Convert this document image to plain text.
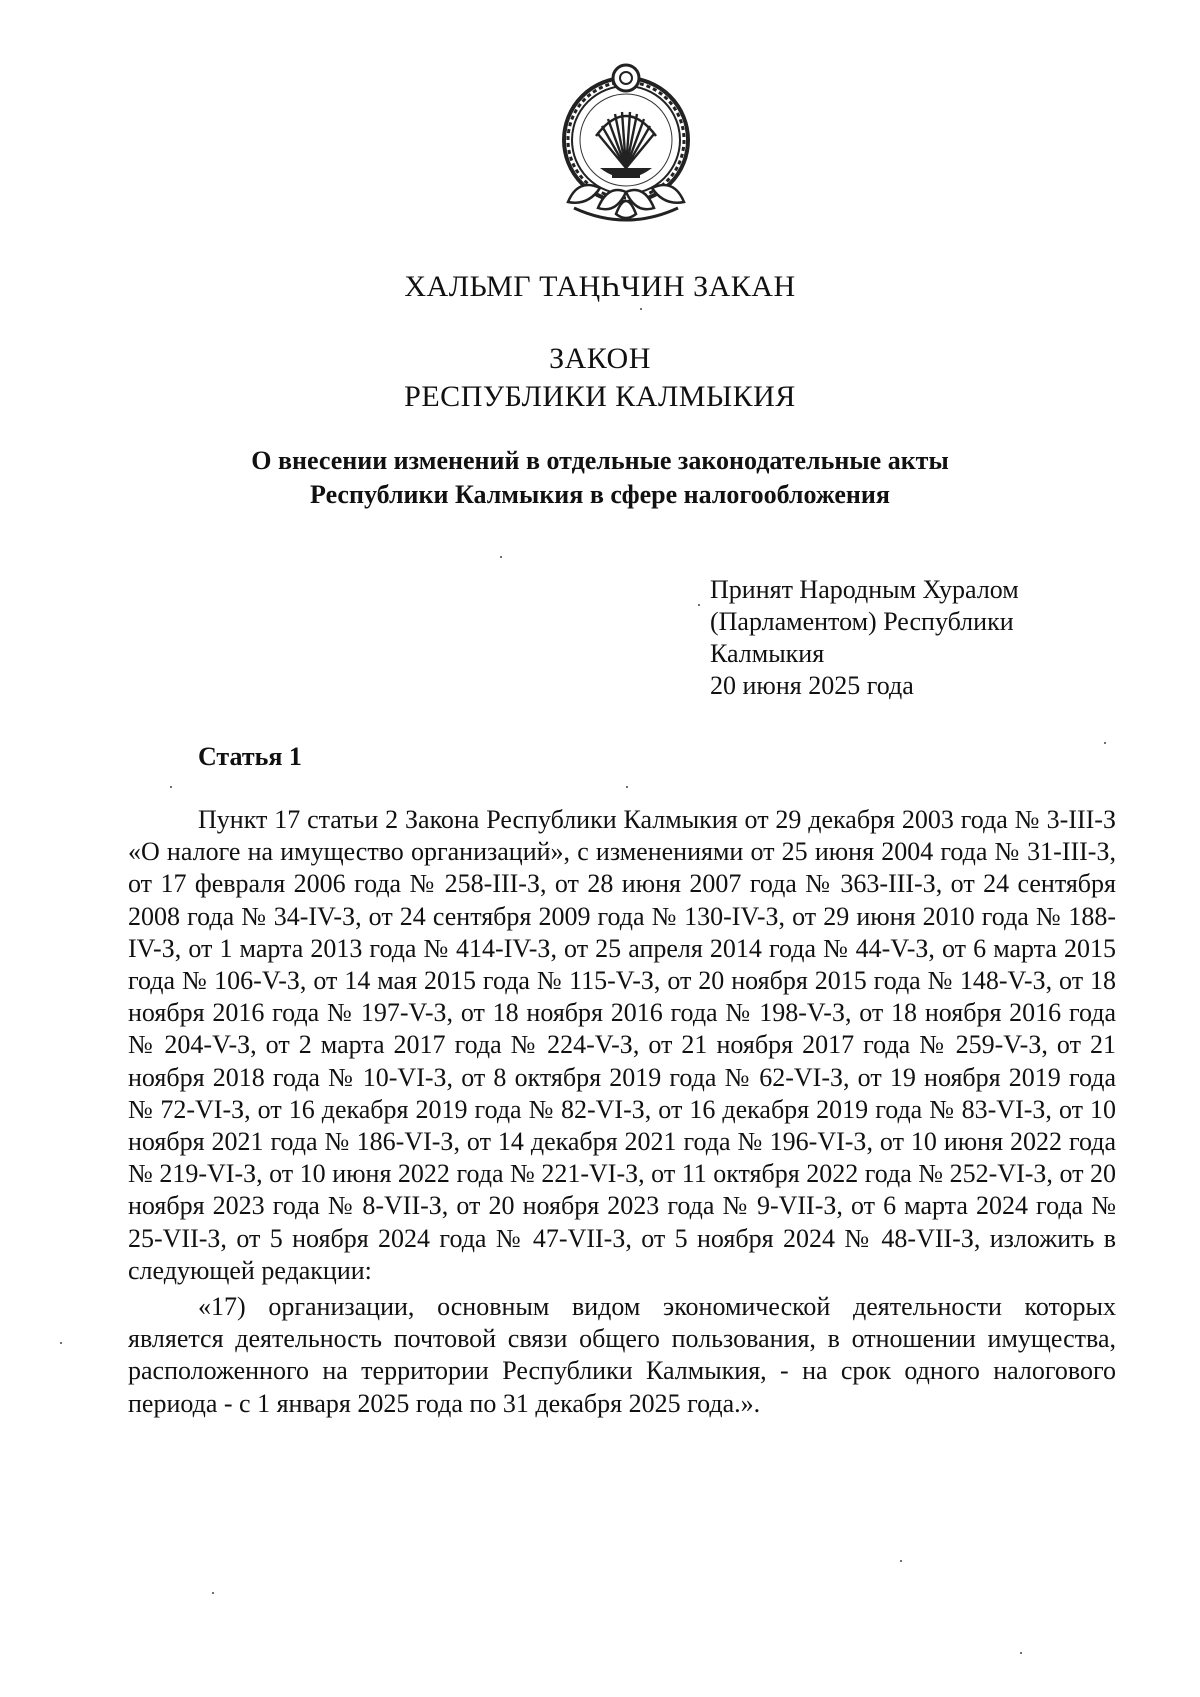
ХАЛЬМГ ТАҢҺЧИН ЗАКАН
ЗАКОН
РЕСПУБЛИКИ КАЛМЫКИЯ
О внесении изменений в отдельные законодательные акты
Республики Калмыкия в сфере налогообложения
Принят Народным Хуралом
(Парламентом) Республики
Калмыкия
20 июня 2025 года
Статья 1

Пункт 17 статьи 2 Закона Республики Калмыкия от 29 декабря 2003 года № 3-III-З «О налоге на имущество организаций», с изменениями от 25 июня 2004 года № 31-III-З, от 17 февраля 2006 года № 258-III-З, от 28 июня 2007 года № 363-III-З, от 24 сентября 2008 года № 34-IV-З, от 24 сентября 2009 года № 130-IV-З, от 29 июня 2010 года № 188-IV-З, от 1 марта 2013 года № 414-IV-З, от 25 апреля 2014 года № 44-V-З, от 6 марта 2015 года № 106-V-З, от 14 мая 2015 года № 115-V-З, от 20 ноября 2015 года № 148-V-З, от 18 ноября 2016 года № 197-V-З, от 18 ноября 2016 года № 198-V-З, от 18 ноября 2016 года № 204-V-З, от 2 марта 2017 года № 224-V-З, от 21 ноября 2017 года № 259-V-З, от 21 ноября 2018 года № 10-VI-З, от 8 октября 2019 года № 62-VI-З, от 19 ноября 2019 года № 72-VI-З, от 16 декабря 2019 года № 82-VI-З, от 16 декабря 2019 года № 83-VI-З, от 10 ноября 2021 года № 186-VI-З, от 14 декабря 2021 года № 196-VI-З, от 10 июня 2022 года № 219-VI-З, от 10 июня 2022 года № 221-VI-З, от 11 октября 2022 года № 252-VI-З, от 20 ноября 2023 года № 8-VII-З, от 20 ноября 2023 года № 9-VII-З, от 6 марта 2024 года № 25-VII-З, от 5 ноября 2024 года № 47-VII-З, от 5 ноября 2024 № 48-VII-З, изложить в следующей редакции:

«17) организации, основным видом экономической деятельности которых является деятельность почтовой связи общего пользования, в отношении имущества, расположенного на территории Республики Калмыкия, - на срок одного налогового периода - с 1 января 2025 года по 31 декабря 2025 года.».
